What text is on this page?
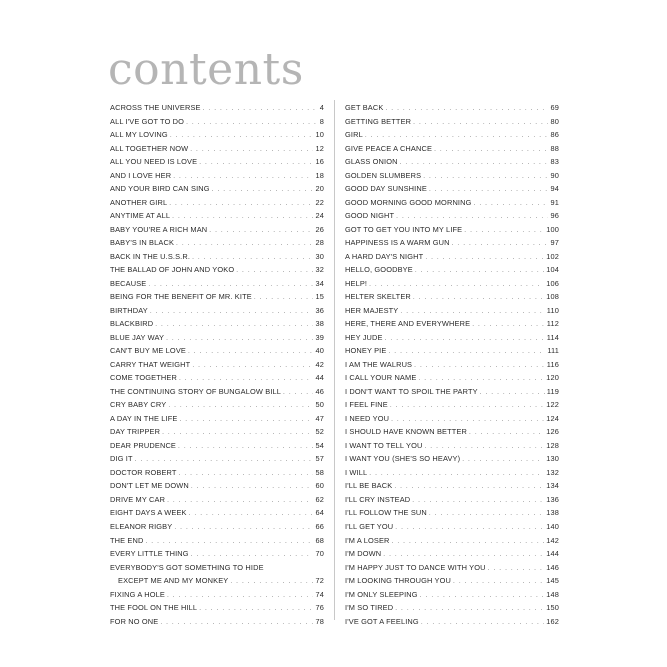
contents
ACROSS THE UNIVERSE . . .	4
ALL I'VE GOT TO DO . . .	8
ALL MY LOVING . . .	10
ALL TOGETHER NOW . . .	12
ALL YOU NEED IS LOVE . . .	16
AND I LOVE HER . . .	18
AND YOUR BIRD CAN SING . . .	20
ANOTHER GIRL . . .	22
ANYTIME AT ALL . . .	24
BABY YOU'RE A RICH MAN . . .	26
BABY'S IN BLACK . . .	28
BACK IN THE U.S.S.R. . . .	30
THE BALLAD OF JOHN AND YOKO . . .	32
BECAUSE . . .	34
BEING FOR THE BENEFIT OF MR. KITE . . .	15
BIRTHDAY . . .	36
BLACKBIRD . . .	38
BLUE JAY WAY . . .	39
CAN'T BUY ME LOVE . . .	40
CARRY THAT WEIGHT . . .	42
COME TOGETHER . . .	44
THE CONTINUING STORY OF BUNGALOW BILL . . .	46
CRY BABY CRY . . .	50
A DAY IN THE LIFE . . .	47
DAY TRIPPER . . .	52
DEAR PRUDENCE . . .	54
DIG IT . . .	57
DOCTOR ROBERT . . .	58
DON'T LET ME DOWN . . .	60
DRIVE MY CAR . . .	62
EIGHT DAYS A WEEK . . .	64
ELEANOR RIGBY . . .	66
THE END . . .	68
EVERY LITTLE THING . . .	70
EVERYBODY'S GOT SOMETHING TO HIDE
EXCEPT ME AND MY MONKEY . . .	72
FIXING A HOLE . . .	74
THE FOOL ON THE HILL . . .	76
FOR NO ONE . . .	78
GET BACK . . .	69
GETTING BETTER . . .	80
GIRL . . .	86
GIVE PEACE A CHANCE . . .	88
GLASS ONION . . .	83
GOLDEN SLUMBERS . . .	90
GOOD DAY SUNSHINE . . .	94
GOOD MORNING GOOD MORNING . . .	91
GOOD NIGHT . . .	96
GOT TO GET YOU INTO MY LIFE . . .	100
HAPPINESS IS A WARM GUN . . .	97
A HARD DAY'S NIGHT . . .	102
HELLO, GOODBYE . . .	104
HELP! . . .	106
HELTER SKELTER . . .	108
HER MAJESTY . . .	110
HERE, THERE AND EVERYWHERE . . .	112
HEY JUDE . . .	114
HONEY PIE . . .	111
I AM THE WALRUS . . .	116
I CALL YOUR NAME . . .	120
I DON'T WANT TO SPOIL THE PARTY . . .	119
I FEEL FINE . . .	122
I NEED YOU . . .	124
I SHOULD HAVE KNOWN BETTER . . .	126
I WANT TO TELL YOU . . .	128
I WANT YOU (SHE'S SO HEAVY) . . .	130
I WILL . . .	132
I'LL BE BACK . . .	134
I'LL CRY INSTEAD . . .	136
I'LL FOLLOW THE SUN . . .	138
I'LL GET YOU . . .	140
I'M A LOSER . . .	142
I'M DOWN . . .	144
I'M HAPPY JUST TO DANCE WITH YOU . . .	146
I'M LOOKING THROUGH YOU . . .	145
I'M ONLY SLEEPING . . .	148
I'M SO TIRED . . .	150
I'VE GOT A FEELING . . .	162
